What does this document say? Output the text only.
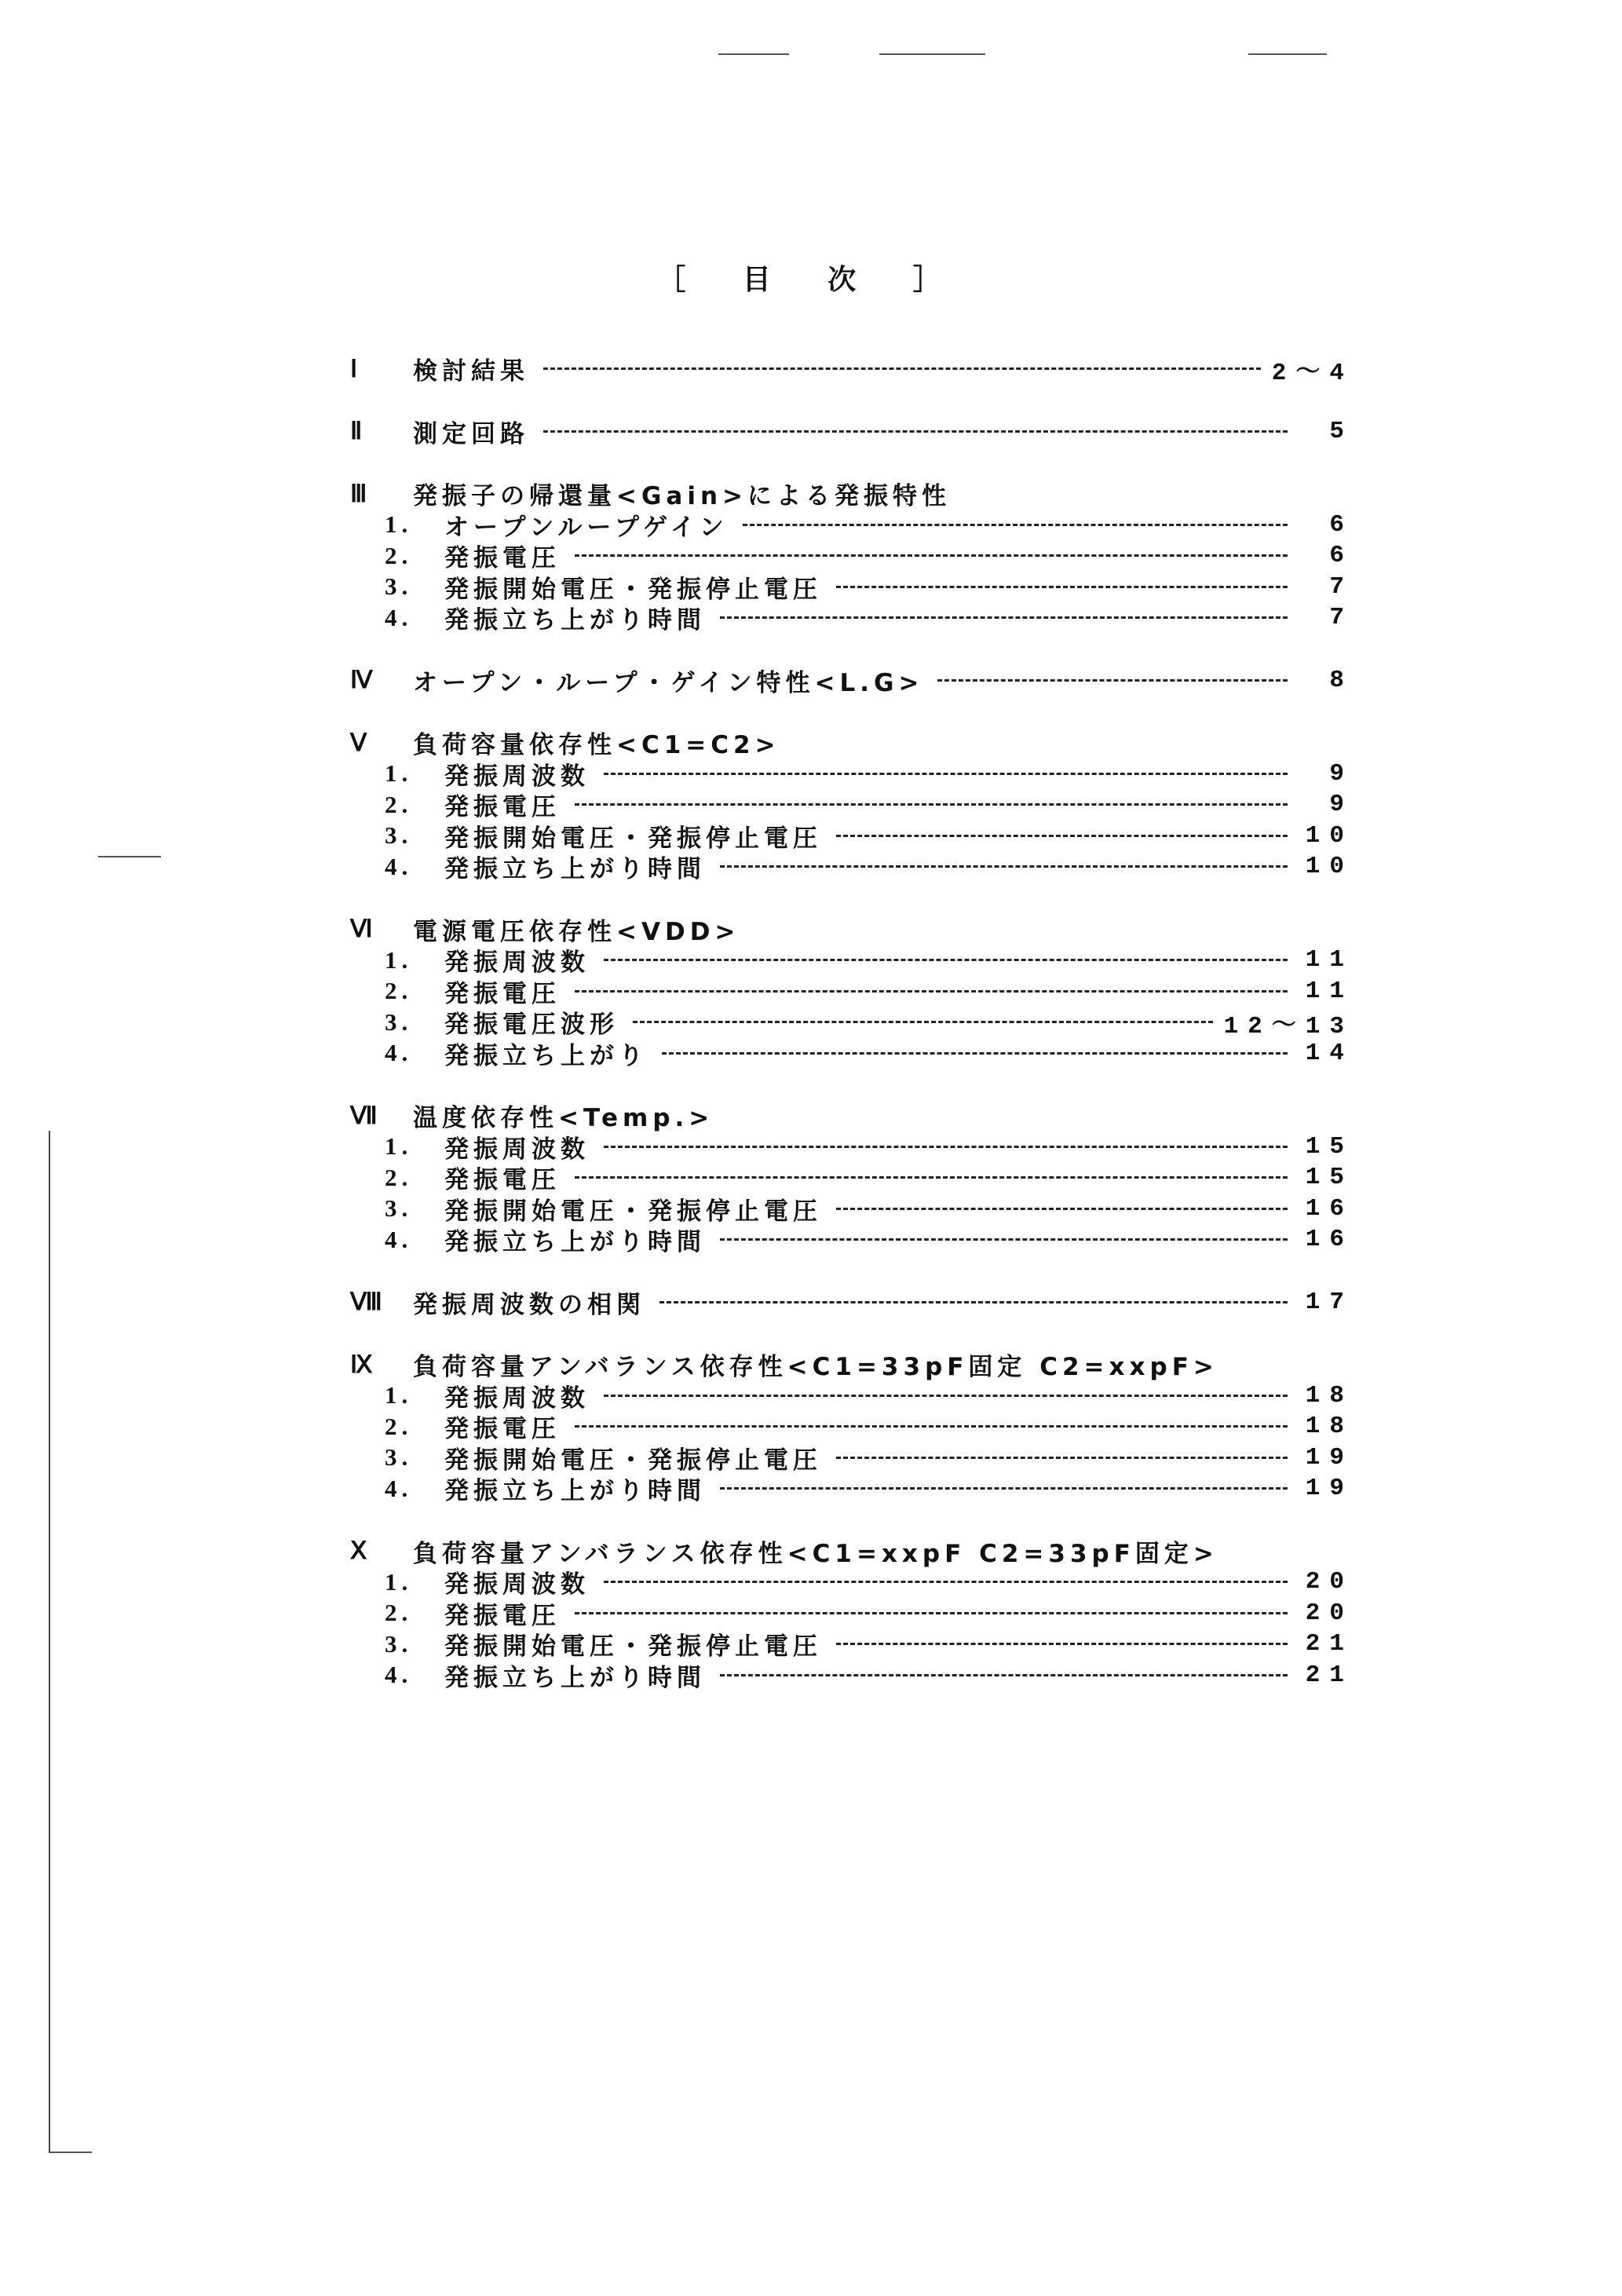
［ 目 次 ］
Ⅰ	検討結果	2～4
Ⅱ	測定回路	5
Ⅲ	発振子の帰還量<Gain>による発振特性
1.	オープンループゲイン	6
2.	発振電圧	6
3.	発振開始電圧・発振停止電圧	7
4.	発振立ち上がり時間	7
Ⅳ	オープン・ループ・ゲイン特性<L.G>	8
Ⅴ	負荷容量依存性<C1=C2>
1.	発振周波数	9
2.	発振電圧	9
3.	発振開始電圧・発振停止電圧	10
4.	発振立ち上がり時間	10
Ⅵ	電源電圧依存性<VDD>
1.	発振周波数	11
2.	発振電圧	11
3.	発振電圧波形	12～13
4.	発振立ち上がり	14
Ⅶ	温度依存性<Temp.>
1.	発振周波数	15
2.	発振電圧	15
3.	発振開始電圧・発振停止電圧	16
4.	発振立ち上がり時間	16
Ⅷ	発振周波数の相関	17
Ⅸ	負荷容量アンバランス依存性<C1=33pF固定 C2=xxpF>
1.	発振周波数	18
2.	発振電圧	18
3.	発振開始電圧・発振停止電圧	19
4.	発振立ち上がり時間	19
Ⅹ	負荷容量アンバランス依存性<C1=xxpF C2=33pF固定>
1.	発振周波数	20
2.	発振電圧	20
3.	発振開始電圧・発振停止電圧	21
4.	発振立ち上がり時間	21
